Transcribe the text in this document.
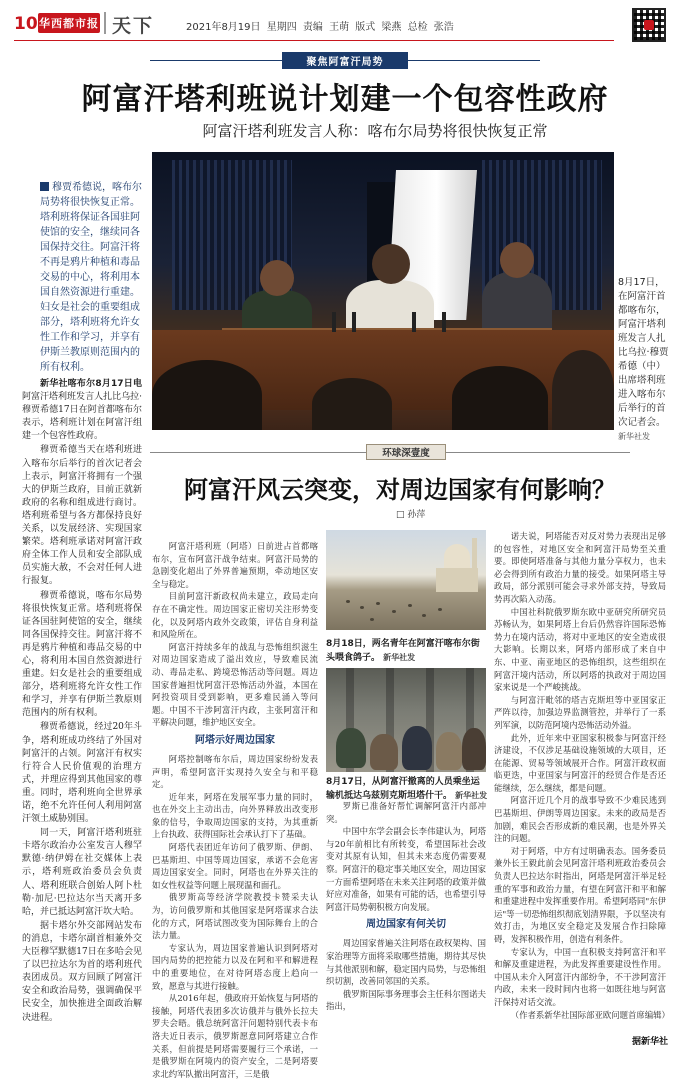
10 华西都市报 天下	2021年8月19日 星期四 责编 王萌 版式 梁燕 总检 张浩
聚焦阿富汗局势
阿富汗塔利班说计划建一个包容性政府
阿富汗塔利班发言人称：喀布尔局势将很快恢复正常
穆贾希德说，喀布尔局势将很快恢复正常。塔利班将保证各国驻阿使馆的安全，继续同各国保持交往。阿富汗将不再是鸦片种植和毒品交易的中心，将利用本国自然资源进行重建。妇女是社会的重要组成部分，塔利班将允许女性工作和学习，并享有伊斯兰教原则范围内的所有权利。

新华社喀布尔8月17日电 阿富汗塔利班发言人扎比乌拉·穆贾希德17日在阿首都喀布尔表示，塔利班计划在阿富汗组建一个包容性政府。

穆贾希德当天在塔利班进入喀布尔后举行的首次记者会上表示，阿富汗将拥有一个强大的伊斯兰政府，目前正就新政府的名称和组成进行商讨。塔利班希望与各方都保持良好关系，以发展经济、实现国家繁荣。塔利班承诺对阿富汗政府全体工作人员和安全部队成员实施大赦，不会对任何人进行报复。

穆贾希德说，喀布尔局势将很快恢复正常。塔利班将保证各国驻阿使馆的安全，继续同各国保持交往。阿富汗将不再是鸦片种植和毒品交易的中心，将利用本国自然资源进行重建。妇女是社会的重要组成部分，塔利班将允许女性工作和学习，并享有伊斯兰教原则范围内的所有权利。

穆贾希德说，经过20年斗争，塔利班成功终结了外国对阿富汗的占领。阿富汗有权实行符合人民价值观的治理方式，并理应得到其他国家的尊重。同时，塔利班向全世界承诺，绝不允许任何人利用阿富汗领土威胁别国。

同一天，阿富汗塔利班驻卡塔尔政治办公室发言人穆罕默德·纳伊姆在社交媒体上表示，塔利班政治委员会负责人、塔利班联合创始人阿卜杜勒·加尼·巴拉达尔当天离开多哈，并已抵达阿富汗坎大哈。

据卡塔尔外交部网站发布的消息，卡塔尔副首相兼外交大臣穆罕默德17日在多哈会见了以巴拉达尔为首的塔利班代表团成员。双方回顾了阿富汗安全和政治局势，强调确保平民安全，加快推进全面政治解决进程。

8月17日，在阿富汗首都喀布尔，阿富汗塔利班发言人扎比乌拉·穆贾希德（中）出席塔利班进入喀布尔后举行的首次记者会。
新华社发
环球深壹度
阿富汗风云突变，对周边国家有何影响？
□ 孙萍

阿富汗塔利班（阿塔）日前进占首都喀布尔，宣布阿富汗战争结束。阿富汗局势的急剧变化超出了外界普遍预期，牵动地区安全与稳定。

目前阿富汗新政权尚未建立，政局走向存在不确定性。周边国家正密切关注形势变化，以及阿塔内政外交政策，评估自身利益和风险所在。

阿富汗持续多年的战乱与恐怖组织滋生对周边国家造成了溢出效应，导致难民流动、毒品走私、跨境恐怖活动等问题。周边国家普遍担忧阿富汗恐怖活动外溢，本国在阿投资项目受到影响，更多难民涌入等问题。中国不干涉阿富汗内政，主张阿富汗和平解决问题，维护地区安全。

阿塔示好周边国家

阿塔控制喀布尔后，周边国家纷纷发表声明，希望阿富汗实现持久安全与和平稳定。

近年来，阿塔在发展军事力量的同时，也在外交上主动出击，向外界释放出改变形象的信号，争取周边国家的支持，为其重新上台执政、获得国际社会承认打下了基础。

阿塔代表团近年访问了俄罗斯、伊朗、巴基斯坦、中国等周边国家，承诺不会危害周边国家安全。同时，阿塔也在外界关注的如女性权益等问题上展现温和面孔。

俄罗斯高等经济学院教授卡赞采夫认为，访问俄罗斯和其他国家是阿塔谋求合法化的方式，阿塔试图改变为国际舞台上的合法力量。

专家认为，周边国家普遍认识到阿塔对国内局势的把控能力以及在阿和平和解进程中的重要地位，在对待阿塔态度上趋向一致，愿意与其进行接触。

从2016年起，俄政府开始恢复与阿塔的接触，阿塔代表团多次访俄并与俄外长拉夫罗夫会晤。俄总统阿富汗问题特别代表卡布洛夫近日表示，俄罗斯愿意同阿塔建立合作关系，但前提是阿塔需要履行三个承诺，一是俄罗斯在阿境内的资产安全，二是阿塔要求北约军队撤出阿富汗，三是俄

8月18日，两名青年在阿富汗喀布尔街头喂食鸽子。 新华社发
8月17日，从阿富汗撤离的人员乘坐运输机抵达乌兹别克斯坦塔什干。 新华社发

罗斯已准备好帮忙调解阿富汗内部冲突。

中国中东学会副会长李伟建认为，阿塔与20年前相比有所转变，希望国际社会改变对其原有认知，但其未来态度仍需要观察。阿富汗的稳定事关地区安全，周边国家一方面希望阿塔在未来关注阿塔的政策并做好应对准备，如果有可能的话，也希望引导阿富汗局势朝积极方向发展。

周边国家有何关切

周边国家普遍关注阿塔在政权架构、国家治理等方面将采取哪些措施，期待其尽快与其他派别和解，稳定国内局势，与恐怖组织切割，改善同邻国的关系。

俄罗斯国际事务理事会主任科尔图诺夫指出，

诺夫说，阿塔能否对反对势力表现出足够的包容性，对地区安全和阿富汗局势至关重要。即使阿塔准备与其他力量分享权力，也未必会得到所有政治力量的接受。如果阿塔主导政局，部分派别可能会寻求外部支持，导致局势再次陷入动荡。

中国社科院俄罗斯东欧中亚研究所研究员苏畅认为，如果阿塔上台后仍然容许国际恐怖势力在境内活动，将对中亚地区的安全造成很大影响。长期以来，阿塔内部形成了来自中东、中亚、南亚地区的恐怖组织，这些组织在阿富汗境内活动，所以阿塔的执政对于周边国家来说是一个严峻挑战。

与阿富汗毗邻的塔吉克斯坦等中亚国家正严阵以待，加强边界监测管控，并举行了一系列军演，以防范阿境内恐怖活动外溢。

此外，近年来中亚国家积极参与阿富汗经济建设，不仅涉足基础设施领域的大项目，还在能源、贸易等领域展开合作。阿富汗政权面临更迭，中亚国家与阿富汗的经贸合作是否还能继续，怎么继续，都是问题。

阿富汗近几个月的战事导致不少难民逃到巴基斯坦、伊朗等周边国家。未来的政局是否加剧，难民会否形成新的难民潮，也是外界关注的问题。

对于阿塔，中方有过明确表态。国务委员兼外长王毅此前会见阿富汗塔利班政治委员会负责人巴拉达尔时指出，阿塔是阿富汗举足轻重的军事和政治力量，有望在阿富汗和平和解和重建进程中发挥重要作用。希望阿塔同"东伊运"等一切恐怖组织彻底划清界限，予以坚决有效打击，为地区安全稳定及发展合作扫除障碍，发挥积极作用，创造有利条件。

专家认为，中国一直积极支持阿富汗和平和解及重建进程，为此发挥重要建设性作用。中国从未介入阿富汗内部纷争，不干涉阿富汗内政，未来一段时间内也将一如既往地与阿富汗保持对话交流。

（作者系新华社国际部亚欧问题首席编辑）

据新华社
